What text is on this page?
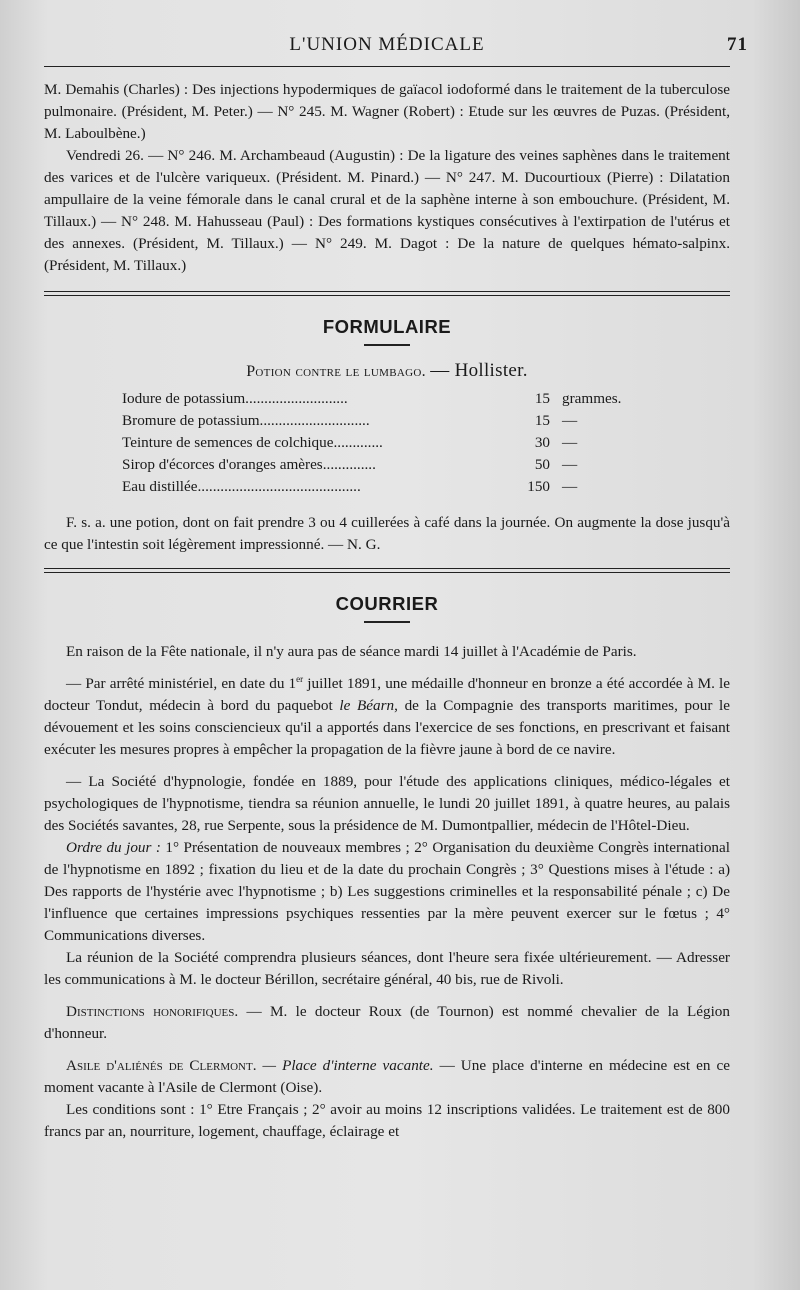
L'UNION MÉDICALE	71

M. Demahis (Charles) : Des injections hypodermiques de gaïacol iodoformé dans le traitement de la tuberculose pulmonaire. (Président, M. Peter.) — N° 245. M. Wagner (Robert) : Etude sur les œuvres de Puzas. (Président, M. Laboulbène.)

Vendredi 26. — N° 246. M. Archambeaud (Augustin) : De la ligature des veines saphènes dans le traitement des varices et de l'ulcère variqueux. (Président. M. Pinard.) — N° 247. M. Ducourtioux (Pierre) : Dilatation ampullaire de la veine fémorale dans le canal crural et de la saphène interne à son embouchure. (Président, M. Tillaux.) — N° 248. M. Hahusseau (Paul) : Des formations kystiques consécutives à l'extirpation de l'utérus et des annexes. (Président, M. Tillaux.) — N° 249. M. Dagot : De la nature de quelques hémato-salpinx. (Président, M. Tillaux.)

FORMULAIRE
Potion contre le lumbago. — Hollister.
Iodure de potassium...........................	15 grammes.
Bromure de potassium.............................	15 —
Teinture de semences de colchique.............	30 —
Sirop d'écorces d'oranges amères..............	50 —
Eau distillée...........................................	150 —

F. s. a. une potion, dont on fait prendre 3 ou 4 cuillerées à café dans la journée. On augmente la dose jusqu'à ce que l'intestin soit légèrement impressionné. — N. G.

COURRIER

En raison de la Fête nationale, il n'y aura pas de séance mardi 14 juillet à l'Académie de Paris.

— Par arrêté ministériel, en date du 1er juillet 1891, une médaille d'honneur en bronze a été accordée à M. le docteur Tondut, médecin à bord du paquebot le Béarn, de la Compagnie des transports maritimes, pour le dévouement et les soins consciencieux qu'il a apportés dans l'exercice de ses fonctions, en prescrivant et faisant exécuter les mesures propres à empêcher la propagation de la fièvre jaune à bord de ce navire.

— La Société d'hypnologie, fondée en 1889, pour l'étude des applications cliniques, médico-légales et psychologiques de l'hypnotisme, tiendra sa réunion annuelle, le lundi 20 juillet 1891, à quatre heures, au palais des Sociétés savantes, 28, rue Serpente, sous la présidence de M. Dumontpallier, médecin de l'Hôtel-Dieu.

Ordre du jour : 1° Présentation de nouveaux membres ; 2° Organisation du deuxième Congrès international de l'hypnotisme en 1892 ; fixation du lieu et de la date du prochain Congrès ; 3° Questions mises à l'étude : a) Des rapports de l'hystérie avec l'hypnotisme ; b) Les suggestions criminelles et la responsabilité pénale ; c) De l'influence que certaines impressions psychiques ressenties par la mère peuvent exercer sur le fœtus ; 4° Communications diverses.

La réunion de la Société comprendra plusieurs séances, dont l'heure sera fixée ultérieurement. — Adresser les communications à M. le docteur Bérillon, secrétaire général, 40 bis, rue de Rivoli.

Distinctions honorifiques. — M. le docteur Roux (de Tournon) est nommé chevalier de la Légion d'honneur.

Asile d'aliénés de Clermont. — Place d'interne vacante. — Une place d'interne en médecine est en ce moment vacante à l'Asile de Clermont (Oise).

Les conditions sont : 1° Etre Français ; 2° avoir au moins 12 inscriptions validées. Le traitement est de 800 francs par an, nourriture, logement, chauffage, éclairage et
